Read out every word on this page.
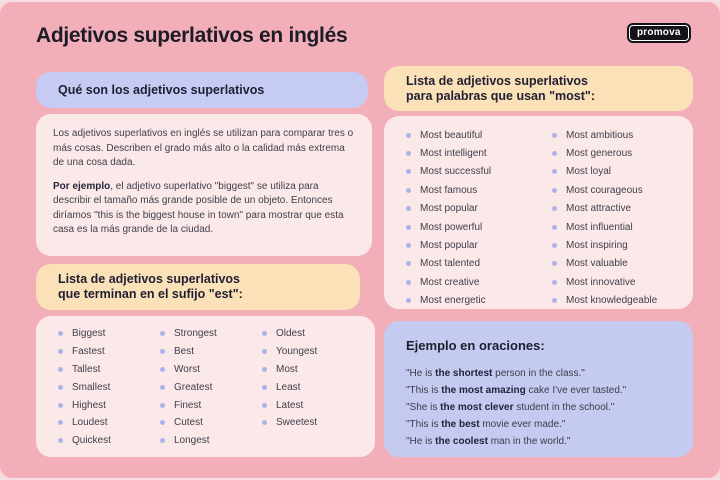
Adjetivos superlativos en inglés	promova
Qué son los adjetivos superlativos

Los adjetivos superlativos en inglés se utilizan para comparar tres o más cosas. Describen el grado más alto o la calidad más extrema de una cosa dada.

Por ejemplo, el adjetivo superlativo "biggest" se utiliza para describir el tamaño más grande posible de un objeto. Entonces diríamos "this is the biggest house in town" para mostrar que esta casa es la más grande de la ciudad.

Lista de adjetivos superlativos
que terminan en el sufijo "est":
Biggest
Fastest
Tallest
Smallest
Highest
Loudest
Quickest
Strongest
Best
Worst
Greatest
Finest
Cutest
Longest
Oldest
Youngest
Most
Least
Latest
Sweetest
Lista de adjetivos superlativos
para palabras que usan "most":
Most beautiful
Most intelligent
Most successful
Most famous
Most popular
Most powerful
Most popular
Most talented
Most creative
Most energetic
Most ambitious
Most generous
Most loyal
Most courageous
Most attractive
Most influential
Most inspiring
Most valuable
Most innovative
Most knowledgeable
Ejemplo en oraciones:

"He is the shortest person in the class."

"This is the most amazing cake I've ever tasted."

"She is the most clever student in the school."

"This is the best movie ever made."

"He is the coolest man in the world."
